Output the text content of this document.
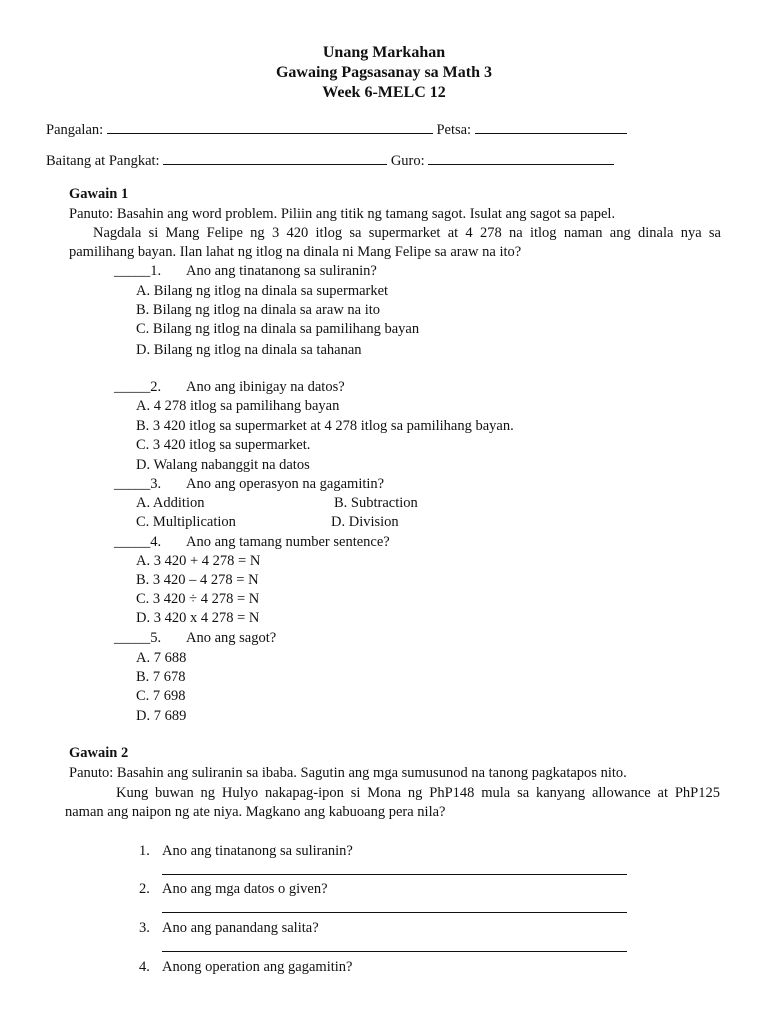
Unang Markahan
Gawaing Pagsasanay sa Math 3
Week 6-MELC 12
Pangalan:	Petsa:
Baitang at Pangkat:	Guro:
Gawain 1
Panuto: Basahin ang word problem. Piliin ang titik ng tamang sagot. Isulat ang sagot sa papel.
Nagdala si Mang Felipe ng 3 420 itlog sa supermarket at 4 278 na itlog naman ang dinala nya sa
pamilihang bayan. Ilan lahat ng itlog na dinala ni Mang Felipe sa araw na ito?
_____1. Ano ang tinatanong sa suliranin?
A. Bilang ng itlog na dinala sa supermarket
B. Bilang ng itlog na dinala sa araw na ito
C. Bilang ng itlog na dinala sa pamilihang bayan
D. Bilang ng itlog na dinala sa tahanan
_____2. Ano ang ibinigay na datos?
A. 4 278 itlog sa pamilihang bayan
B. 3 420 itlog sa supermarket at 4 278 itlog sa pamilihang bayan.
C. 3 420 itlog sa supermarket.
D. Walang nabanggit na datos
_____3. Ano ang operasyon na gagamitin?
A. Addition	B. Subtraction
C. Multiplication	D. Division
_____4. Ano ang tamang number sentence?
A. 3 420 + 4 278 = N
B. 3 420 – 4 278 = N
C. 3 420 ÷ 4 278 = N
D. 3 420 x 4 278 = N
_____5. Ano ang sagot?
A. 7 688
B. 7 678
C. 7 698
D. 7 689
Gawain 2
Panuto: Basahin ang suliranin sa ibaba. Sagutin ang mga sumusunod na tanong pagkatapos nito.
Kung buwan ng Hulyo nakapag-ipon si Mona ng PhP148 mula sa kanyang allowance at PhP125
naman ang naipon ng ate niya. Magkano ang kabuoang pera nila?
1. Ano ang tinatanong sa suliranin?
2. Ano ang mga datos o given?
3. Ano ang panandang salita?
4. Anong operation ang gagamitin?
